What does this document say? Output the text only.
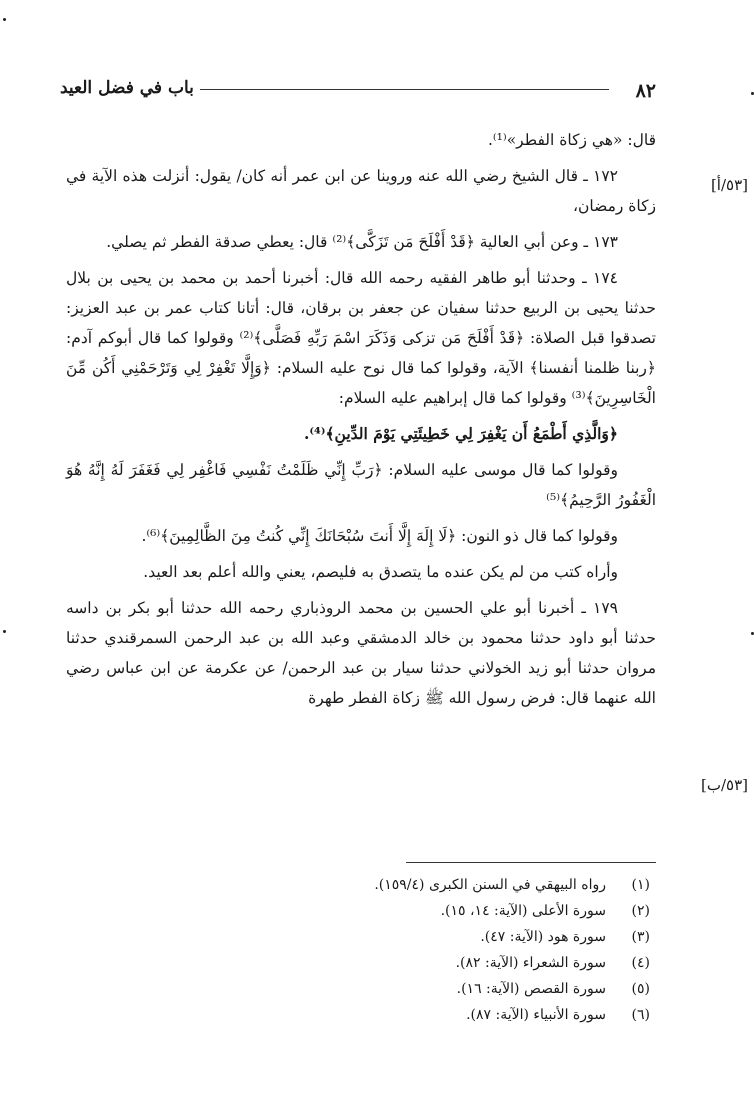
٨٢
باب في فضل العيد
[٥٣/أ]
[٥٣/ب]

قال: «هي زكاة الفطر»⁽¹⁾.

١٧٢ ـ قال الشيخ رضي الله عنه وروينا عن ابن عمر أنه كان/ يقول: أنزلت هذه الآية في زكاة رمضان،

١٧٣ ـ وعن أبي العالية ﴿قَدْ أَفْلَحَ مَن تَزَكَّى﴾⁽²⁾ قال: يعطي صدقة الفطر ثم يصلي.

١٧٤ ـ وحدثنا أبو طاهر الفقيه رحمه الله قال: أخبرنا أحمد بن محمد بن يحيى بن بلال حدثنا يحيى بن الربيع حدثنا سفيان عن جعفر بن برقان، قال: أتانا كتاب عمر بن عبد العزيز: تصدقوا قبل الصلاة: ﴿قَدْ أَفْلَحَ مَن تزكى وَذَكَرَ اسْمَ رَبِّهِ فَصَلَّى﴾⁽²⁾ وقولوا كما قال أبوكم آدم: ﴿ربنا ظلمنا أنفسنا﴾ الآية، وقولوا كما قال نوح عليه السلام: ﴿وَإِلَّا تَغْفِرْ لِي وَتَرْحَمْنِي أَكُن مِّنَ الْخَاسِرِينَ﴾⁽³⁾ وقولوا كما قال إبراهيم عليه السلام:

﴿وَالَّذِي أَطْمَعُ أَن يَغْفِرَ لِي خَطِيئَتِي يَوْمَ الدِّينِ﴾⁽⁴⁾.

وقولوا كما قال موسى عليه السلام: ﴿رَبِّ إِنِّي ظَلَمْتُ نَفْسِي فَاغْفِر لِي فَغَفَرَ لَهُ إِنَّهُ هُوَ الْغَفُورُ الرَّحِيمُ﴾⁽⁵⁾

وقولوا كما قال ذو النون: ﴿لَا إِلَهَ إِلَّا أَنتَ سُبْحَانَكَ إِنِّي كُنتُ مِنَ الظَّالِمِينَ﴾⁽⁶⁾.

وأراه كتب من لم يكن عنده ما يتصدق به فليصم، يعني والله أعلم بعد العيد.

١٧٩ ـ أخبرنا أبو علي الحسين بن محمد الروذباري رحمه الله حدثنا أبو بكر بن داسه حدثنا أبو داود حدثنا محمود بن خالد الدمشقي وعبد الله بن عبد الرحمن السمرقندي حدثنا مروان حدثنا أبو زيد الخولاني حدثنا سيار بن عبد الرحمن/ عن عكرمة عن ابن عباس رضي الله عنهما قال: فرض رسول الله ﷺ زكاة الفطر طهرة

(١)
رواه البيهقي في السنن الكبرى (١٥٩/٤).
(٢)
سورة الأعلى (الآية: ١٤، ١٥).
(٣)
سورة هود (الآية: ٤٧).
(٤)
سورة الشعراء (الآية: ٨٢).
(٥)
سورة القصص (الآية: ١٦).
(٦)
سورة الأنبياء (الآية: ٨٧).
